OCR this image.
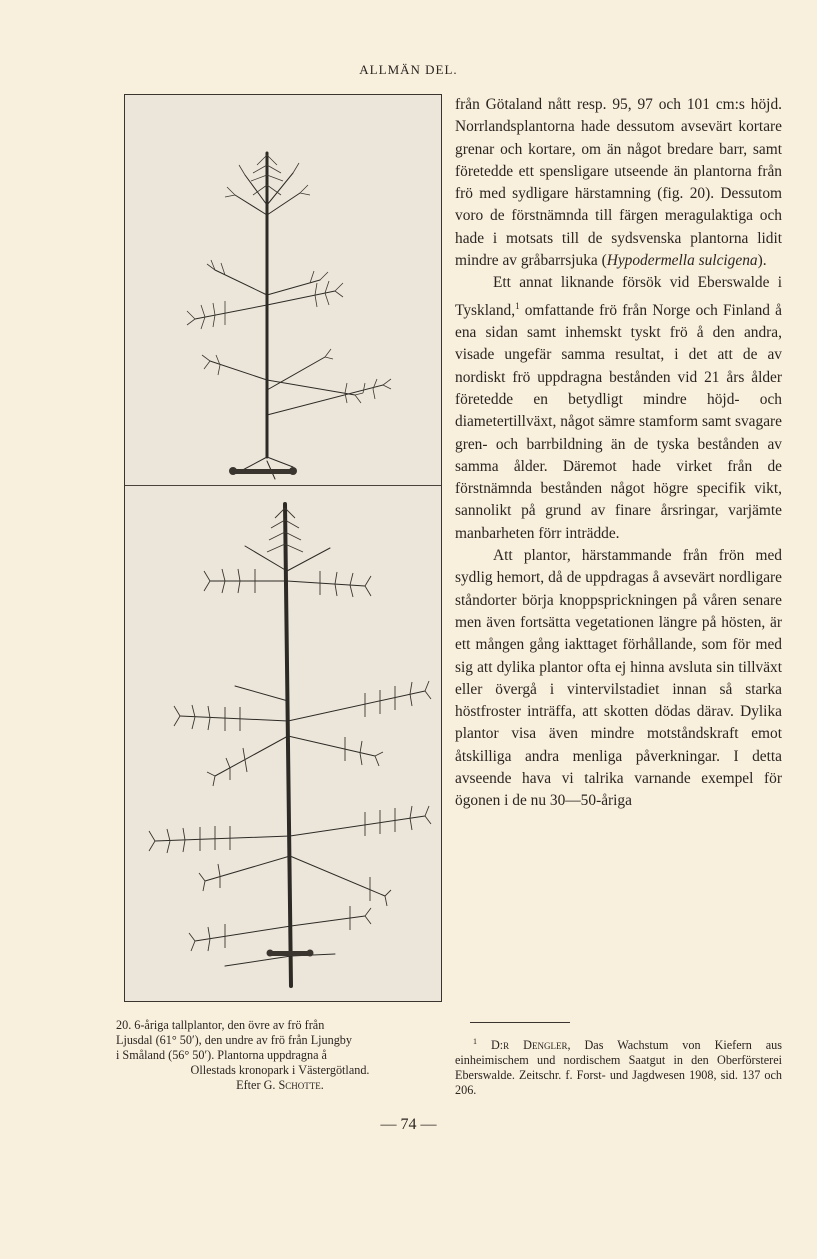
ALLMÄN DEL.

20. 6-åriga tallplantor, den övre av frö från

Ljusdal (61° 50′), den undre av frö från Ljungby

i Småland (56° 50′). Plantorna uppdragna å

Ollestads kronopark i Västergötland.

Efter G. Schotte.

från Götaland nått resp. 95, 97 och 101 cm:s höjd. Norrlandsplantorna hade dessutom avsevärt kortare grenar och kortare, om än något bredare barr, samt företedde ett spensligare utseende än plantorna från frö med sydligare härstamning (fig. 20). Dessutom voro de förstnämnda till färgen meragulaktiga och hade i motsats till de sydsvenska plantorna lidit mindre av gråbarrsjuka (Hypodermella sulcigena).

Ett annat liknande försök vid Eberswalde i Tyskland,$^1$ omfattande frö från Norge och Finland å ena sidan samt inhemskt tyskt frö å den andra, visade ungefär samma resultat, i det att de av nordiskt frö uppdragna bestånden vid 21 års ålder företedde en betydligt mindre höjd- och diametertillväxt, något sämre stamform samt svagare gren- och barrbildning än de tyska bestånden av samma ålder. Däremot hade virket från de förstnämnda bestånden något högre specifik vikt, sannolikt på grund av finare årsringar, varjämte manbarheten förr inträdde.

Att plantor, härstammande från frön med sydlig hemort, då de uppdragas å avsevärt nordligare ståndorter börja knoppsprickningen på våren senare men även fortsätta vegetationen längre på hösten, är ett mången gång iakttaget förhållande, som för med sig att dylika plantor ofta ej hinna avsluta sin tillväxt eller övergå i vintervilstadiet innan så starka höstfroster inträffa, att skotten dödas därav. Dylika plantor visa även mindre motståndskraft emot åtskilliga andra menliga påverkningar. I detta avseende hava vi talrika varnande exempel för ögonen i de nu 30—50-åriga

$^1$ D:r Dengler, Das Wachstum von Kiefern aus einheimischem und nordischem Saatgut in den Oberförsterei Eberswalde. Zeitschr. f. Forst- und Jagdwesen 1908, sid. 137 och 206.

— 74 —
